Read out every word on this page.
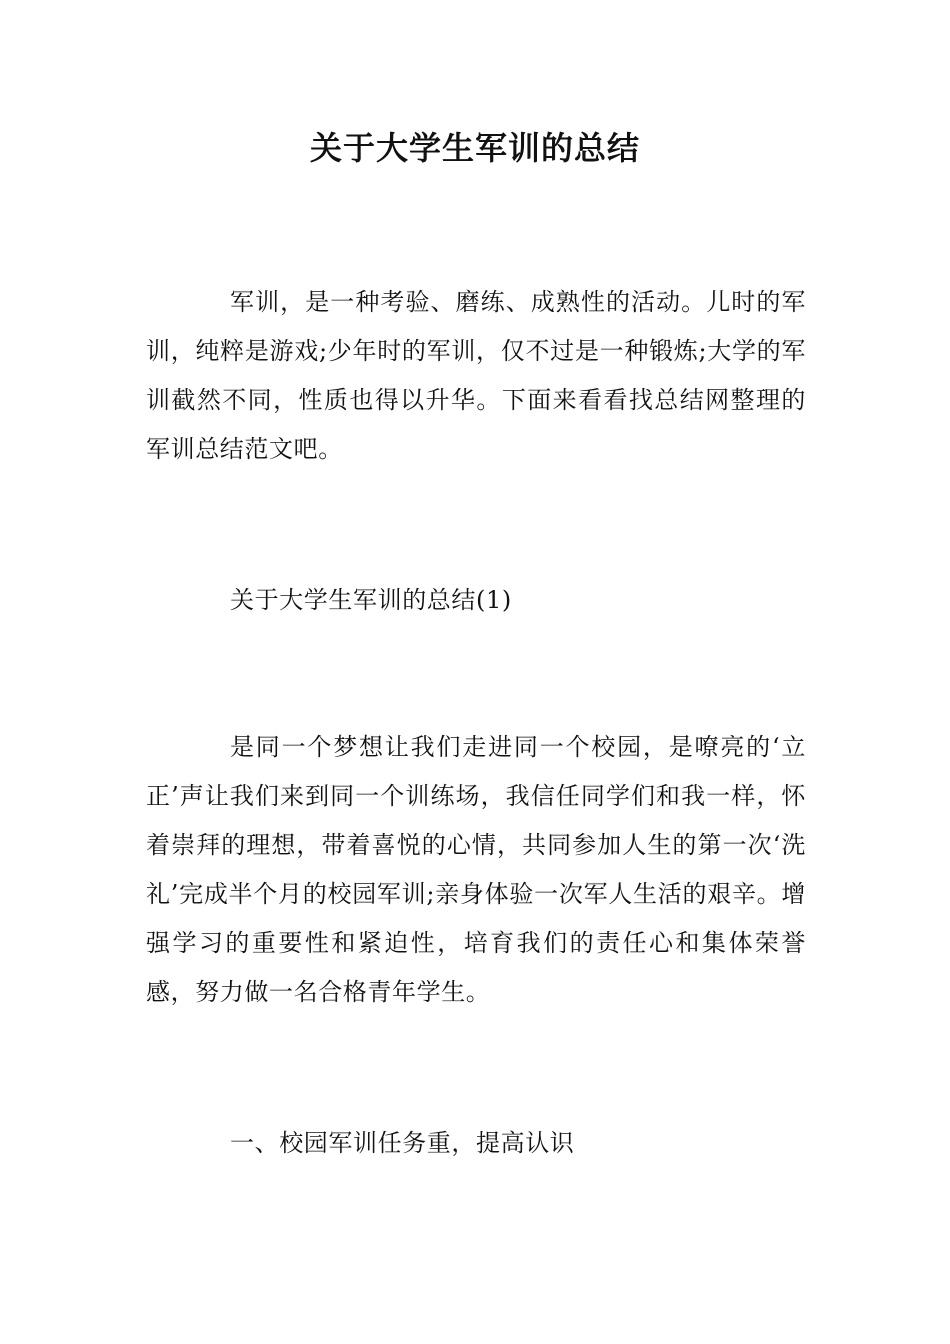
关于大学生军训的总结
军训，是一种考验、磨练、成熟性的活动。儿时的军训，纯粹是游戏;少年时的军训，仅不过是一种锻炼;大学的军训截然不同，性质也得以升华。下面来看看找总结网整理的军训总结范文吧。
关于大学生军训的总结(1)
是同一个梦想让我们走进同一个校园，是嘹亮的‘立正’声让我们来到同一个训练场，我信任同学们和我一样，怀着崇拜的理想，带着喜悦的心情，共同参加人生的第一次‘洗礼’完成半个月的校园军训;亲身体验一次军人生活的艰辛。增强学习的重要性和紧迫性，培育我们的责任心和集体荣誉感，努力做一名合格青年学生。
一、校园军训任务重，提高认识
